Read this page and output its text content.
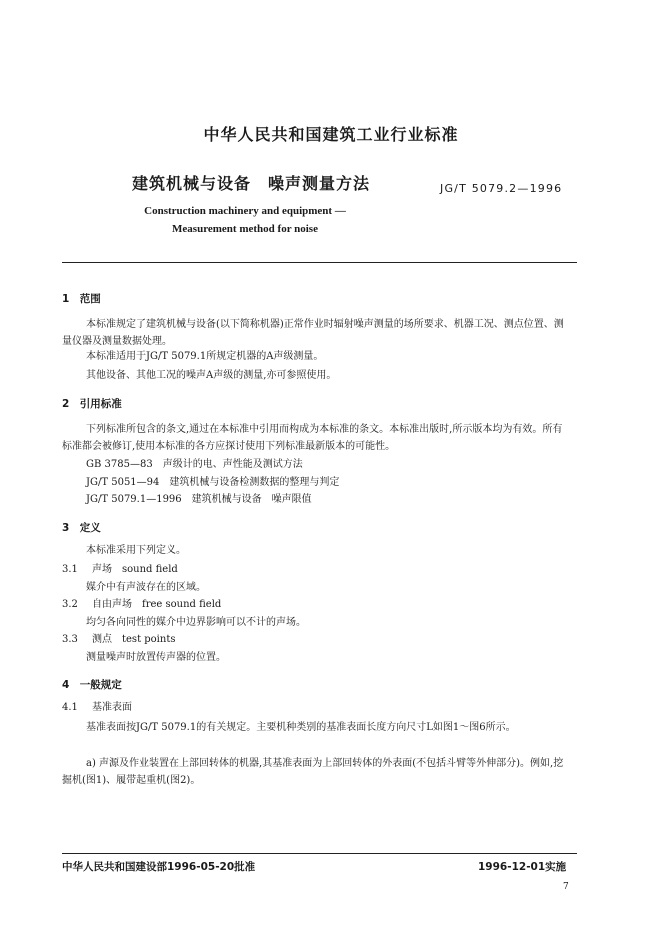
中华人民共和国建筑工业行业标准
建筑机械与设备　噪声测量方法	JG/T 5079.2—1996
Construction machinery and equipment —
Measurement method for noise
1　范围
本标准规定了建筑机械与设备(以下简称机器)正常作业时辐射噪声测量的场所要求、机器工况、测点位置、测量仪器及测量数据处理。
本标准适用于JG/T 5079.1所规定机器的A声级测量。
其他设备、其他工况的噪声A声级的测量,亦可参照使用。
2　引用标准
下列标准所包含的条文,通过在本标准中引用而构成为本标准的条文。本标准出版时,所示版本均为有效。所有标准都会被修订,使用本标准的各方应探讨使用下列标准最新版本的可能性。
GB 3785—83　声级计的电、声性能及测试方法
JG/T 5051—94　建筑机械与设备检测数据的整理与判定
JG/T 5079.1—1996　建筑机械与设备　噪声限值
3　定义
本标准采用下列定义。
3.1 声场　sound field
媒介中有声波存在的区域。
3.2 自由声场　free sound field
均匀各向同性的媒介中边界影响可以不计的声场。
3.3 测点　test points
测量噪声时放置传声器的位置。
4　一般规定
4.1 基准表面
基准表面按JG/T 5079.1的有关规定。主要机种类别的基准表面长度方向尺寸L如图1～图6所示。
a) 声源及作业装置在上部回转体的机器,其基准表面为上部回转体的外表面(不包括斗臂等外伸部分)。例如,挖掘机(图1)、履带起重机(图2)。
中华人民共和国建设部1996-05-20批准	1996-12-01实施
7
